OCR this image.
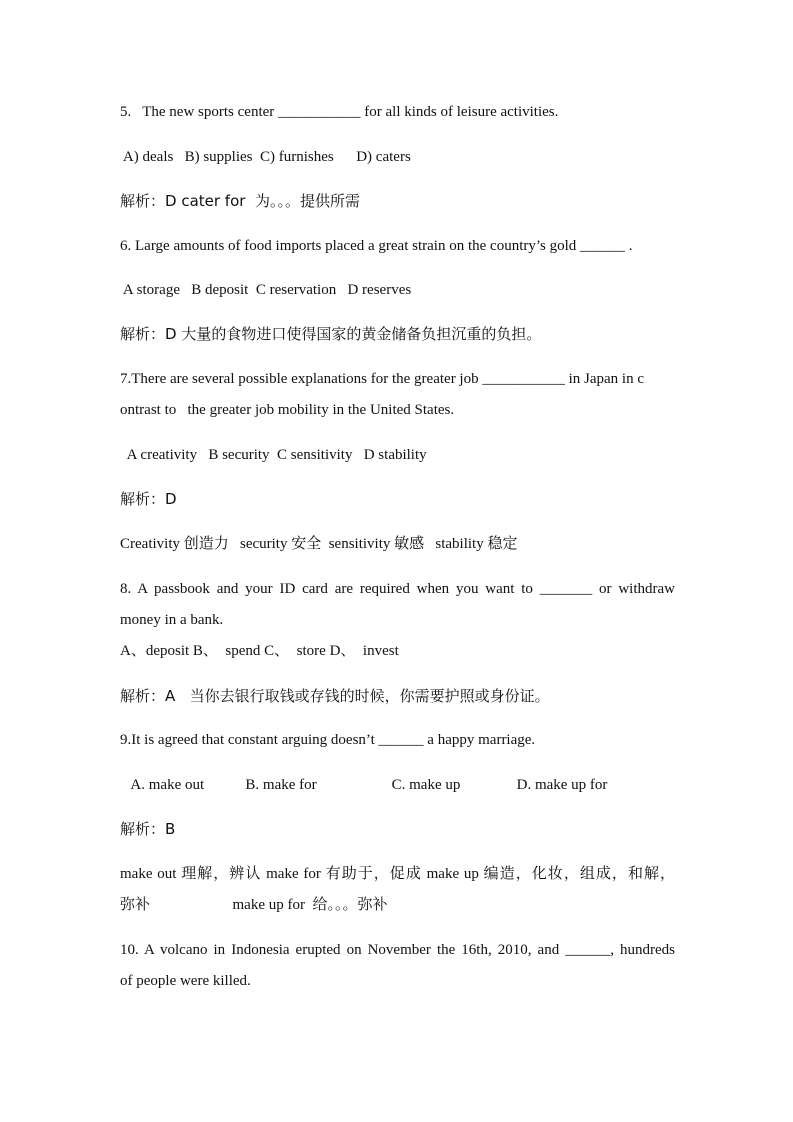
5.   The new sports center ___________ for all kinds of leisure activities.
A) deals   B) supplies  C) furnishes      D) caters
解析：D cater for  为。。。提供所需
6. Large amounts of food imports placed a great strain on the country’s gold ______ .
A storage   B deposit  C reservation   D reserves
解析：D 大量的食物进口使得国家的黄金储备负担沉重的负担。
7.There are several possible explanations for the greater job ___________ in Japan in c
ontrast to   the greater job mobility in the United States.
A creativity   B security  C sensitivity   D stability
解析：D
Creativity 创造力   security 安全  sensitivity 敏感   stability 稳定
8. A passbook and your ID card are required when you want to _______ or withdraw
money in a bank.
A、deposit B、  spend C、  store D、  invest
解析：A   当你去银行取钱或存钱的时候，你需要护照或身份证。
9.It is agreed that constant arguing doesn’t ______ a happy marriage.
A. make out           B. make for                    C. make up               D. make up for
解析：B
make out 理解，辨认 make for 有助于，促成 make up 编造，化妆，组成，和解，
弥补                      make up for  给。。。弥补
10. A volcano in Indonesia erupted on November the 16th, 2010, and ______, hundreds
of people were killed.
